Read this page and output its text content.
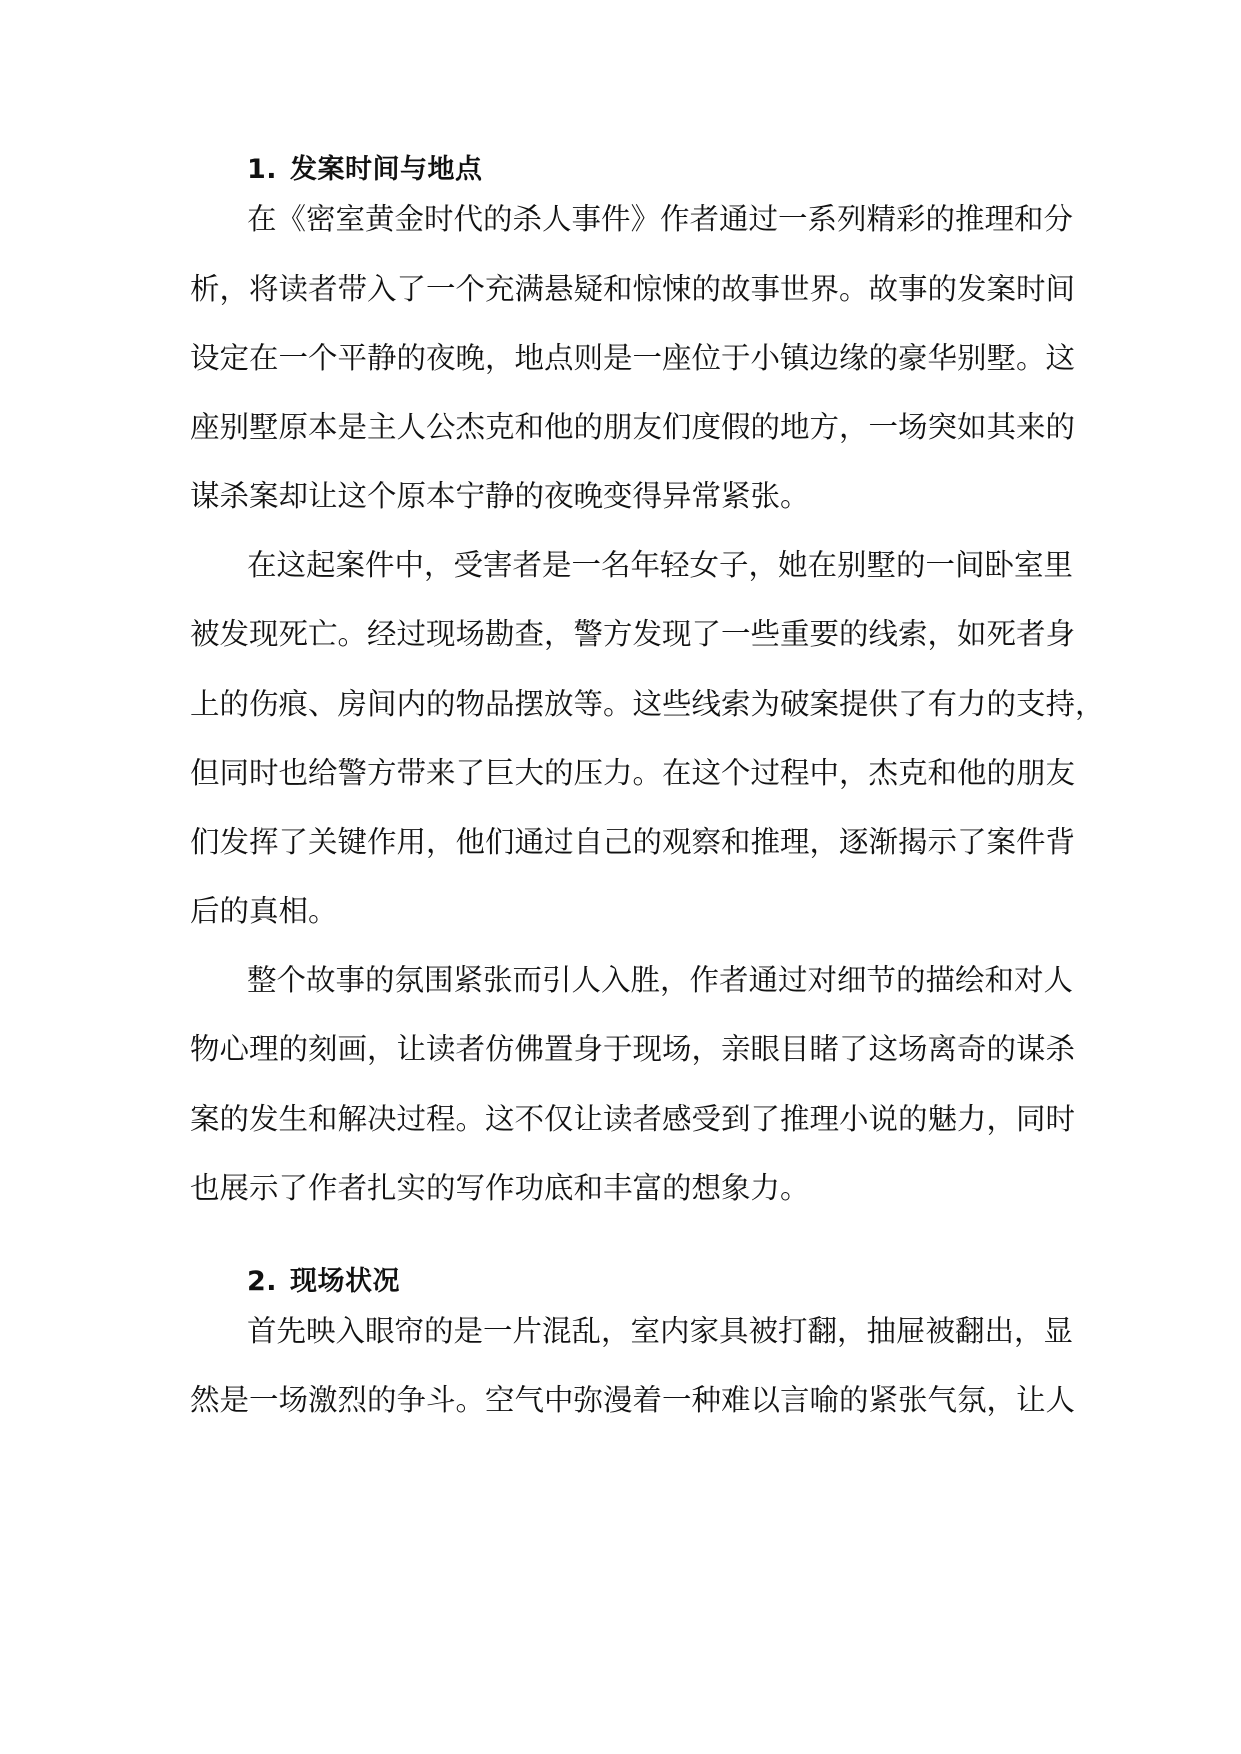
1. 发案时间与地点
在《密室黄金时代的杀人事件》作者通过一系列精彩的推理和分
析，将读者带入了一个充满悬疑和惊悚的故事世界。故事的发案时间
设定在一个平静的夜晚，地点则是一座位于小镇边缘的豪华别墅。这
座别墅原本是主人公杰克和他的朋友们度假的地方，一场突如其来的
谋杀案却让这个原本宁静的夜晚变得异常紧张。
在这起案件中，受害者是一名年轻女子，她在别墅的一间卧室里
被发现死亡。经过现场勘查，警方发现了一些重要的线索，如死者身
上的伤痕、房间内的物品摆放等。这些线索为破案提供了有力的支持，
但同时也给警方带来了巨大的压力。在这个过程中，杰克和他的朋友
们发挥了关键作用，他们通过自己的观察和推理，逐渐揭示了案件背
后的真相。
整个故事的氛围紧张而引人入胜，作者通过对细节的描绘和对人
物心理的刻画，让读者仿佛置身于现场，亲眼目睹了这场离奇的谋杀
案的发生和解决过程。这不仅让读者感受到了推理小说的魅力，同时
也展示了作者扎实的写作功底和丰富的想象力。
2. 现场状况
首先映入眼帘的是一片混乱，室内家具被打翻，抽屉被翻出，显
然是一场激烈的争斗。空气中弥漫着一种难以言喻的紧张气氛，让人
